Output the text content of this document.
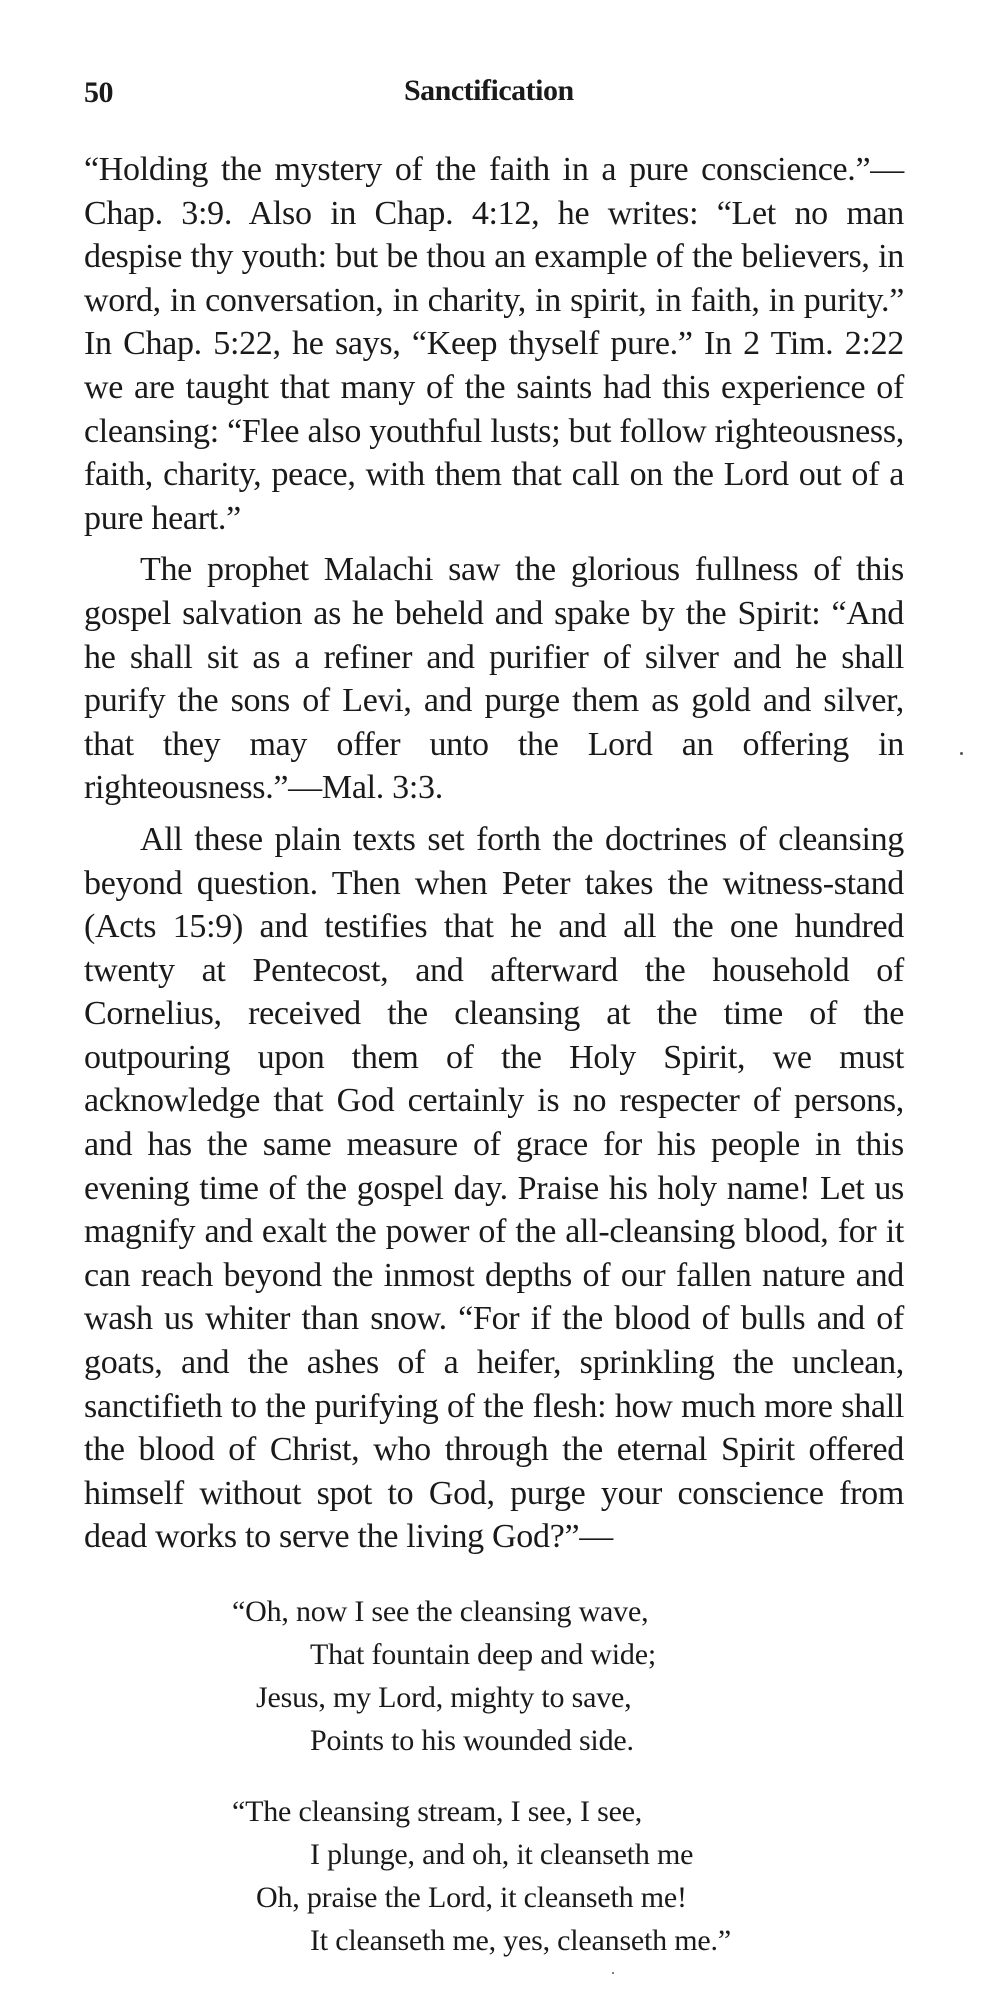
50	Sanctification

“Holding the mystery of the faith in a pure conscience.”—Chap. 3:9. Also in Chap. 4:12, he writes: “Let no man despise thy youth: but be thou an example of the believers, in word, in conversation, in charity, in spirit, in faith, in purity.” In Chap. 5:22, he says, “Keep thyself pure.” In 2 Tim. 2:22 we are taught that many of the saints had this experience of cleansing: “Flee also youthful lusts; but follow righteousness, faith, charity, peace, with them that call on the Lord out of a pure heart.”

The prophet Malachi saw the glorious fullness of this gospel salvation as he beheld and spake by the Spirit: “And he shall sit as a refiner and purifier of silver and he shall purify the sons of Levi, and purge them as gold and silver, that they may offer unto the Lord an offering in righteousness.”—Mal. 3:3.

All these plain texts set forth the doctrines of cleansing beyond question. Then when Peter takes the witness-stand (Acts 15:9) and testifies that he and all the one hundred twenty at Pentecost, and afterward the household of Cornelius, received the cleansing at the time of the outpouring upon them of the Holy Spirit, we must acknowledge that God certainly is no respecter of persons, and has the same measure of grace for his people in this evening time of the gospel day. Praise his holy name! Let us magnify and exalt the power of the all-cleansing blood, for it can reach beyond the inmost depths of our fallen nature and wash us whiter than snow. “For if the blood of bulls and of goats, and the ashes of a heifer, sprinkling the unclean, sanctifieth to the purifying of the flesh: how much more shall the blood of Christ, who through the eternal Spirit offered himself without spot to God, purge your conscience from dead works to serve the living God?”—

“Oh, now I see the cleansing wave,
That fountain deep and wide;
Jesus, my Lord, mighty to save,
Points to his wounded side.
“The cleansing stream, I see, I see,
I plunge, and oh, it cleanseth me
Oh, praise the Lord, it cleanseth me!
It cleanseth me, yes, cleanseth me.”
